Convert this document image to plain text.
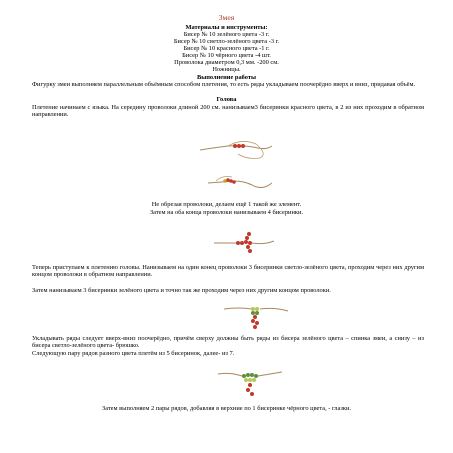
Змея
Материалы и инструменты:
Бисер № 10 зелёного цвета -3 г.
Бисер № 10 светло-зелёного цвета -3 г.
Бисер № 10 красного цвета -1 г.
Бисер № 10 чёрного цвета -4 шт.
Проволока диаметром 0,3 мм. -200 см.
Ножницы.
Выполнение работы
Фигурку змеи выполняем параллельным объёмным способом плетения, то есть ряды укладываем поочерёдно вверх и вниз, придавая объём.
Голова
Плетение начинаем с языка. На середину проволоки длиной 200 см. нанизываем3 бисеринки красного цвета, в 2 из них проходим в обратном направлении.
Не обрезая проволоки, делаем ещё 1 такой же элемент.
Затем на оба конца проволоки нанизываем 4 бисеринки.
Теперь приступаем к плетению головы. Нанизываем на один конец проволоки 3 бисеринки светло-зелёного цвета, проходим через них другим концом проволоки в обратном направлении.
Затем нанизываем 3 бисеринки зелёного цвета и точно так же проходим через них другим концом проволоки.
Укладывать ряды следует вверх-вниз поочерёдно, причём сверху должны быть ряды из бисера зелёного цвета – спинка змеи, а снизу – из бисера светло-зелёного цвета- брюшко.
Следующую пару рядов разного цвета плетём из 5 бисеринок, далее- из 7.
Затем выполняем 2 пары рядов, добавляя в верхние по 1 бисеринке чёрного цвета, - глазки.
